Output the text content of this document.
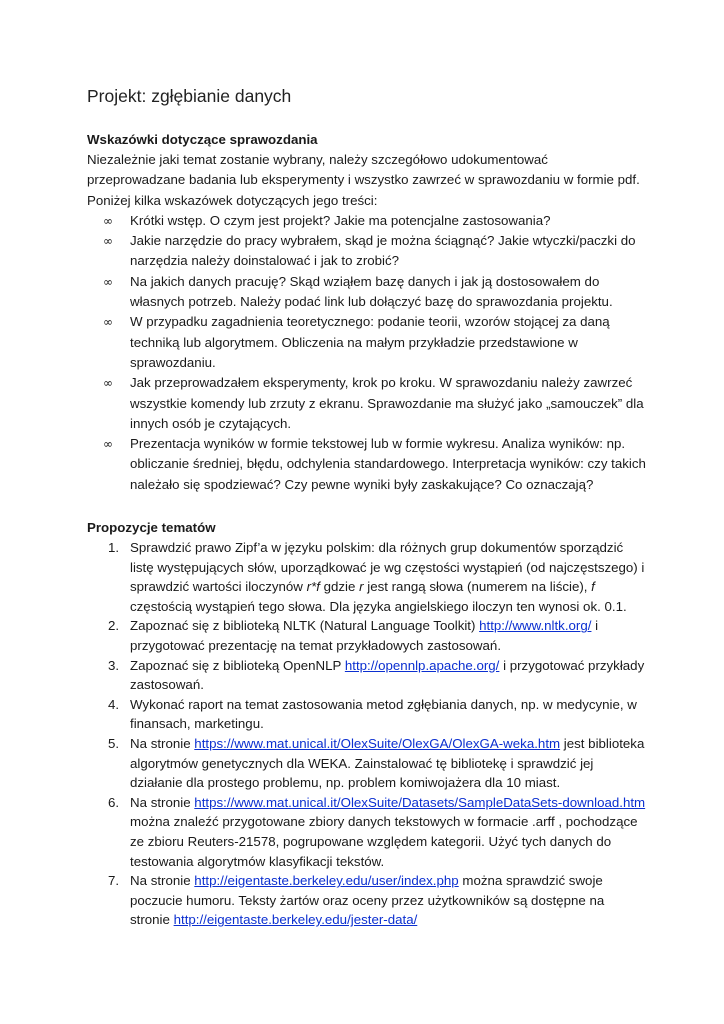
Projekt: zgłębianie danych

Wskazówki dotyczące sprawozdania

Niezależnie jaki temat zostanie wybrany, należy szczegółowo udokumentować przeprowadzane badania lub eksperymenty i wszystko zawrzeć w sprawozdaniu w formie pdf. Poniżej kilka wskazówek dotyczących jego treści:

∞ Krótki wstęp. O czym jest projekt? Jakie ma potencjalne zastosowania?
∞ Jakie narzędzie do pracy wybrałem, skąd je można ściągnąć? Jakie wtyczki/paczki do narzędzia należy doinstalować i jak to zrobić?
∞ Na jakich danych pracuję? Skąd wziąłem bazę danych i jak ją dostosowałem do własnych potrzeb. Należy podać link lub dołączyć bazę do sprawozdania projektu.
∞ W przypadku zagadnienia teoretycznego: podanie teorii, wzorów stojącej za daną techniką lub algorytmem. Obliczenia na małym przykładzie przedstawione w sprawozdaniu.
∞ Jak przeprowadzałem eksperymenty, krok po kroku. W sprawozdaniu należy zawrzeć wszystkie komendy lub zrzuty z ekranu. Sprawozdanie ma służyć jako „samouczek” dla innych osób je czytających.
∞ Prezentacja wyników w formie tekstowej lub w formie wykresu. Analiza wyników: np. obliczanie średniej, błędu, odchylenia standardowego. Interpretacja wyników: czy takich należało się spodziewać? Czy pewne wyniki były zaskakujące? Co oznaczają?

Propozycje tematów

1. Sprawdzić prawo Zipf’a w języku polskim: dla różnych grup dokumentów sporządzić listę występujących słów, uporządkować je wg częstości wystąpień (od najczęstszego) i sprawdzić wartości iloczynów r*f gdzie r jest rangą słowa (numerem na liście), f częstością wystąpień tego słowa. Dla języka angielskiego iloczyn ten wynosi ok. 0.1.
2. Zapoznać się z biblioteką NLTK (Natural Language Toolkit) http://www.nltk.org/ i przygotować prezentację na temat przykładowych zastosowań.
3. Zapoznać się z biblioteką OpenNLP http://opennlp.apache.org/ i przygotować przykłady zastosowań.
4. Wykonać raport na temat zastosowania metod zgłębiania danych, np. w medycynie, w finansach, marketingu.
5. Na stronie https://www.mat.unical.it/OlexSuite/OlexGA/OlexGA-weka.htm jest biblioteka algorytmów genetycznych dla WEKA. Zainstalować tę bibliotekę i sprawdzić jej działanie dla prostego problemu, np. problem komiwojażera dla 10 miast.
6. Na stronie https://www.mat.unical.it/OlexSuite/Datasets/SampleDataSets-download.htm można znaleźć przygotowane zbiory danych tekstowych w formacie .arff , pochodzące ze zbioru Reuters-21578, pogrupowane względem kategorii. Użyć tych danych do testowania algorytmów klasyfikacji tekstów.
7. Na stronie http://eigentaste.berkeley.edu/user/index.php można sprawdzić swoje poczucie humoru. Teksty żartów oraz oceny przez użytkowników są dostępne na stronie http://eigentaste.berkeley.edu/jester-data/
